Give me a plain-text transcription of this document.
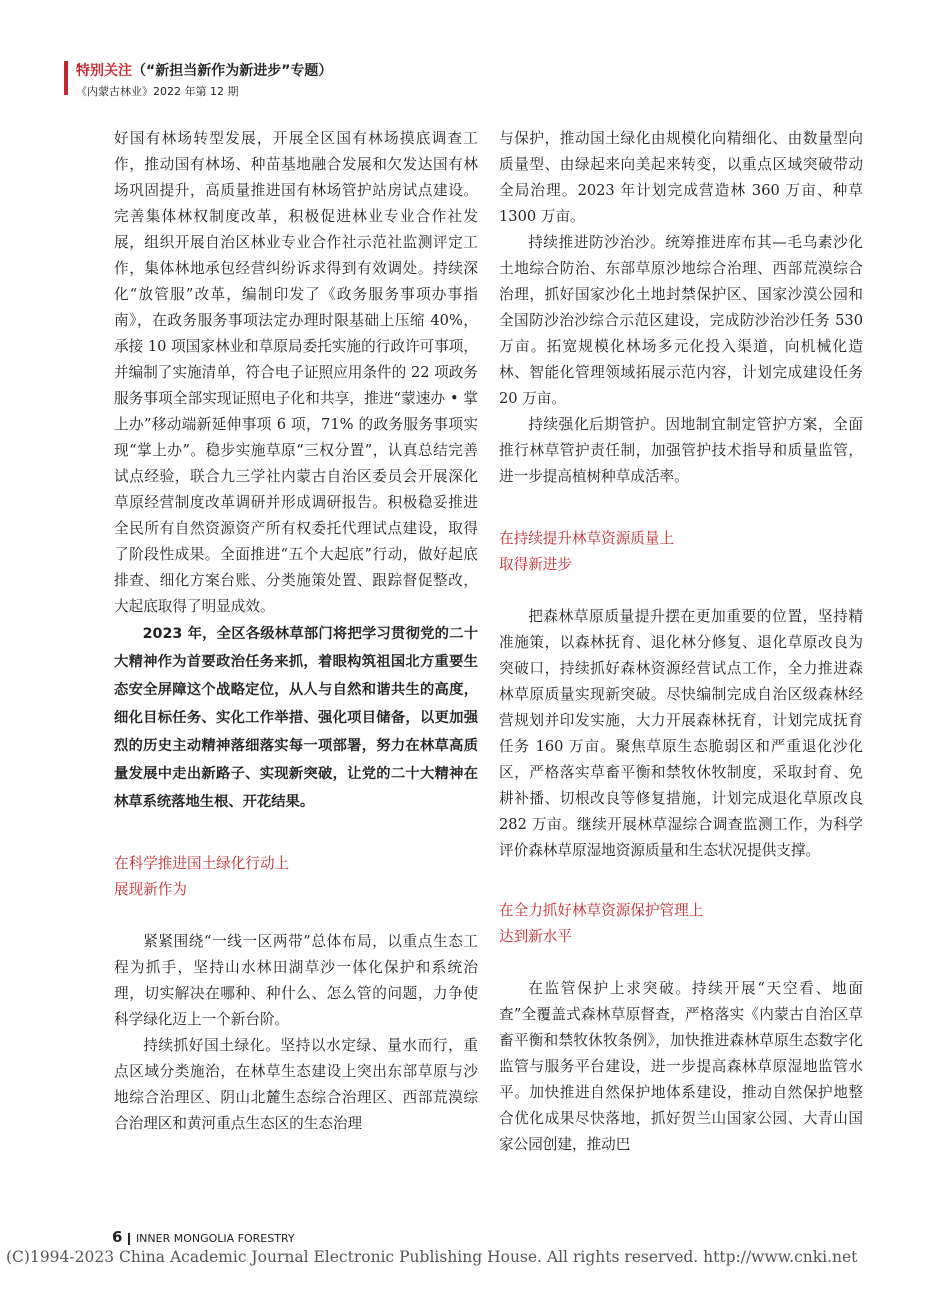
特别关注（“新担当新作为新进步”专题）
《内蒙古林业》2022 年第 12 期

好国有林场转型发展，开展全区国有林场摸底调查工作，推动国有林场、种苗基地融合发展和欠发达国有林场巩固提升，高质量推进国有林场管护站房试点建设。完善集体林权制度改革，积极促进林业专业合作社发展，组织开展自治区林业专业合作社示范社监测评定工作，集体林地承包经营纠纷诉求得到有效调处。持续深化“放管服”改革，编制印发了《政务服务事项办事指南》，在政务服务事项法定办理时限基础上压缩 40%，承接 10 项国家林业和草原局委托实施的行政许可事项，并编制了实施清单，符合电子证照应用条件的 22 项政务服务事项全部实现证照电子化和共享，推进“蒙速办 • 掌上办”移动端新延伸事项 6 项，71% 的政务服务事项实现“掌上办”。稳步实施草原“三权分置”，认真总结完善试点经验，联合九三学社内蒙古自治区委员会开展深化草原经营制度改革调研并形成调研报告。积极稳妥推进全民所有自然资源资产所有权委托代理试点建设，取得了阶段性成果。全面推进“五个大起底”行动，做好起底排查、细化方案台账、分类施策处置、跟踪督促整改，大起底取得了明显成效。

2023 年，全区各级林草部门将把学习贯彻党的二十大精神作为首要政治任务来抓，着眼构筑祖国北方重要生态安全屏障这个战略定位，从人与自然和谐共生的高度，细化目标任务、实化工作举措、强化项目储备，以更加强烈的历史主动精神落细落实每一项部署，努力在林草高质量发展中走出新路子、实现新突破，让党的二十大精神在林草系统落地生根、开花结果。

在科学推进国土绿化行动上

展现新作为

紧紧围绕“一线一区两带”总体布局，以重点生态工程为抓手，坚持山水林田湖草沙一体化保护和系统治理，切实解决在哪种、种什么、怎么管的问题，力争使科学绿化迈上一个新台阶。

持续抓好国土绿化。坚持以水定绿、量水而行，重点区域分类施治，在林草生态建设上突出东部草原与沙地综合治理区、阴山北麓生态综合治理区、西部荒漠综合治理区和黄河重点生态区的生态治理

与保护，推动国土绿化由规模化向精细化、由数量型向质量型、由绿起来向美起来转变，以重点区域突破带动全局治理。2023 年计划完成营造林 360 万亩、种草 1300 万亩。

持续推进防沙治沙。统筹推进库布其—毛乌素沙化土地综合防治、东部草原沙地综合治理、西部荒漠综合治理，抓好国家沙化土地封禁保护区、国家沙漠公园和全国防沙治沙综合示范区建设，完成防沙治沙任务 530 万亩。拓宽规模化林场多元化投入渠道，向机械化造林、智能化管理领域拓展示范内容，计划完成建设任务 20 万亩。

持续强化后期管护。因地制宜制定管护方案，全面推行林草管护责任制，加强管护技术指导和质量监管，进一步提高植树种草成活率。

在持续提升林草资源质量上

取得新进步

把森林草原质量提升摆在更加重要的位置，坚持精准施策，以森林抚育、退化林分修复、退化草原改良为突破口，持续抓好森林资源经营试点工作，全力推进森林草原质量实现新突破。尽快编制完成自治区级森林经营规划并印发实施，大力开展森林抚育，计划完成抚育任务 160 万亩。聚焦草原生态脆弱区和严重退化沙化区，严格落实草畜平衡和禁牧休牧制度，采取封育、免耕补播、切根改良等修复措施，计划完成退化草原改良 282 万亩。继续开展林草湿综合调查监测工作，为科学评价森林草原湿地资源质量和生态状况提供支撑。

在全力抓好林草资源保护管理上

达到新水平

在监管保护上求突破。持续开展“天空看、地面查”全覆盖式森林草原督查，严格落实《内蒙古自治区草畜平衡和禁牧休牧条例》，加快推进森林草原生态数字化监管与服务平台建设，进一步提高森林草原湿地监管水平。加快推进自然保护地体系建设，推动自然保护地整合优化成果尽快落地，抓好贺兰山国家公园、大青山国家公园创建，推动巴

6 INNER MONGOLIA FORESTRY
(C)1994-2023 China Academic Journal Electronic Publishing House. All rights reserved. http://www.cnki.net
